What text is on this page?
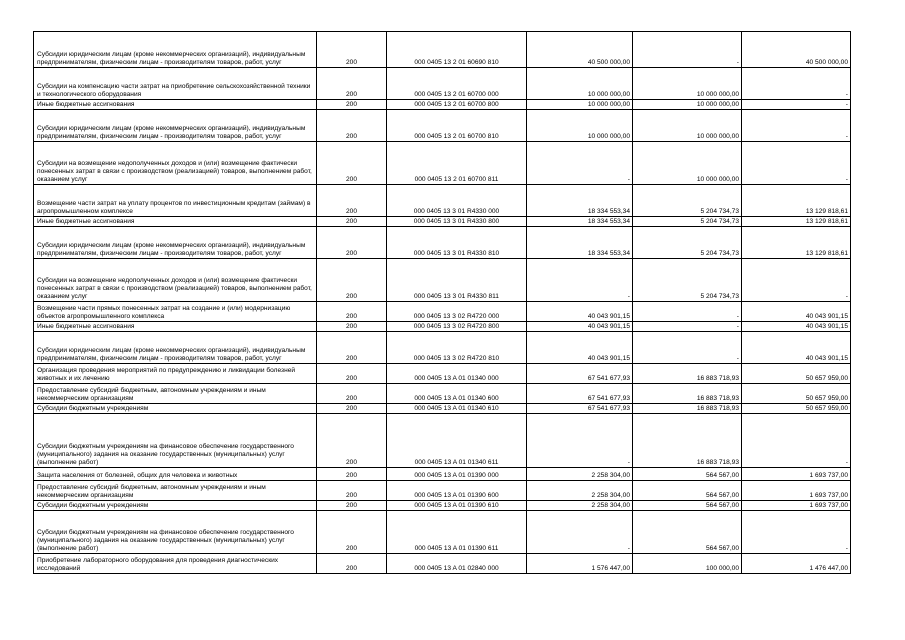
Субсидии юридическим лицам (кроме некоммерческих организаций), индивидуальным предпринимателям, физическим лицам - производителям товаров, работ, услуг	200	000 0405 13 2 01 60690 810	40 500 000,00	-	40 500 000,00
Субсидии на компенсацию части затрат на приобретение сельскохозяйственной техники и технологического оборудования	200	000 0405 13 2 01 60700 000	10 000 000,00	10 000 000,00	-
Иные бюджетные ассигнования	200	000 0405 13 2 01 60700 800	10 000 000,00	10 000 000,00	-
Субсидии юридическим лицам (кроме некоммерческих организаций), индивидуальным предпринимателям, физическим лицам - производителям товаров, работ, услуг	200	000 0405 13 2 01 60700 810	10 000 000,00	10 000 000,00	-
Субсидии на возмещение недополученных доходов и (или) возмещение фактически понесенных затрат в связи с производством (реализацией) товаров, выполнением работ, оказанием услуг	200	000 0405 13 2 01 60700 811	-	10 000 000,00	-
Возмещение части затрат на уплату процентов по инвестиционным кредитам (займам) в агропромышленном комплексе	200	000 0405 13 3 01 R4330 000	18 334 553,34	5 204 734,73	13 129 818,61
Иные бюджетные ассигнования	200	000 0405 13 3 01 R4330 800	18 334 553,34	5 204 734,73	13 129 818,61
Субсидии юридическим лицам (кроме некоммерческих организаций), индивидуальным предпринимателям, физическим лицам - производителям товаров, работ, услуг	200	000 0405 13 3 01 R4330 810	18 334 553,34	5 204 734,73	13 129 818,61
Субсидии на возмещение недополученных доходов и (или) возмещение фактически понесенных затрат в связи с производством (реализацией) товаров, выполнением работ, оказанием услуг	200	000 0405 13 3 01 R4330 811	-	5 204 734,73	-
Возмещение части прямых понесенных затрат на создание и (или) модернизацию объектов агропромышленного комплекса	200	000 0405 13 3 02 R4720 000	40 043 901,15	-	40 043 901,15
Иные бюджетные ассигнования	200	000 0405 13 3 02 R4720 800	40 043 901,15	-	40 043 901,15
Субсидии юридическим лицам (кроме некоммерческих организаций), индивидуальным предпринимателям, физическим лицам - производителям товаров, работ, услуг	200	000 0405 13 3 02 R4720 810	40 043 901,15	-	40 043 901,15
Организация проведения мероприятий по предупреждению и ликвидации болезней животных и их лечению	200	000 0405 13 A 01 01340 000	67 541 677,93	16 883 718,93	50 657 959,00
Предоставление субсидий бюджетным, автономным учреждениям и иным некоммерческим организациям	200	000 0405 13 A 01 01340 600	67 541 677,93	16 883 718,93	50 657 959,00
Субсидии бюджетным учреждениям	200	000 0405 13 A 01 01340 610	67 541 677,93	16 883 718,93	50 657 959,00
Субсидии бюджетным учреждениям на финансовое обеспечение государственного (муниципального) задания на оказание государственных (муниципальных) услуг (выполнение работ)	200	000 0405 13 A 01 01340 611	-	16 883 718,93	-
Защита населения от болезней, общих для человека и животных	200	000 0405 13 A 01 01390 000	2 258 304,00	564 567,00	1 693 737,00
Предоставление субсидий бюджетным, автономным учреждениям и иным некоммерческим организациям	200	000 0405 13 A 01 01390 600	2 258 304,00	564 567,00	1 693 737,00
Субсидии бюджетным учреждениям	200	000 0405 13 A 01 01390 610	2 258 304,00	564 567,00	1 693 737,00
Субсидии бюджетным учреждениям на финансовое обеспечение государственного (муниципального) задания на оказание государственных (муниципальных) услуг (выполнение работ)	200	000 0405 13 A 01 01390 611	-	564 567,00	-
Приобретение лабораторного оборудования для проведения диагностических исследований	200	000 0405 13 A 01 02840 000	1 576 447,00	100 000,00	1 476 447,00
